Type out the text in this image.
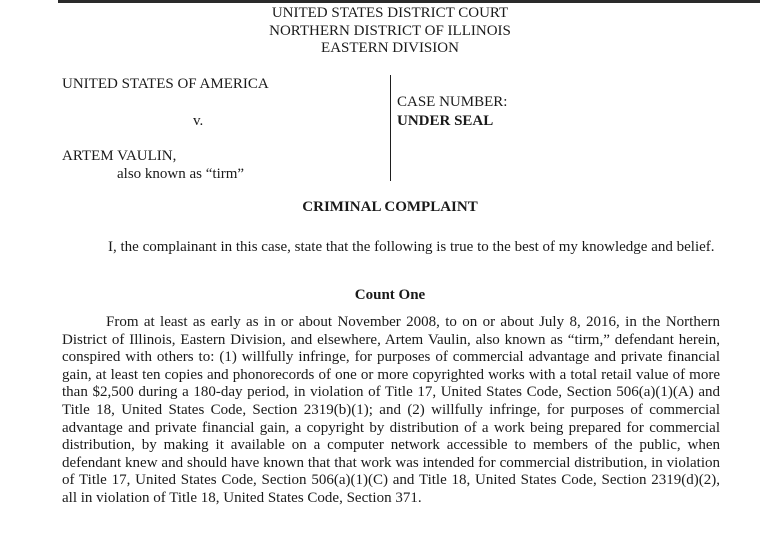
UNITED STATES DISTRICT COURT
NORTHERN DISTRICT OF ILLINOIS
EASTERN DIVISION
UNITED STATES OF AMERICA
v.
ARTEM VAULIN,
also known as “tirm”
CASE NUMBER:
UNDER SEAL
CRIMINAL COMPLAINT
I, the complainant in this case, state that the following is true to the best of my knowledge and belief.
Count One
From at least as early as in or about November 2008, to on or about July 8, 2016, in the Northern District of Illinois, Eastern Division, and elsewhere, Artem Vaulin, also known as “tirm,” defendant herein, conspired with others to: (1) willfully infringe, for purposes of commercial advantage and private financial gain, at least ten copies and phonorecords of one or more copyrighted works with a total retail value of more than $2,500 during a 180-day period, in violation of Title 17, United States Code, Section 506(a)(1)(A) and Title 18, United States Code, Section 2319(b)(1); and (2) willfully infringe, for purposes of commercial advantage and private financial gain, a copyright by distribution of a work being prepared for commercial distribution, by making it available on a computer network accessible to members of the public, when defendant knew and should have known that that work was intended for commercial distribution, in violation of Title 17, United States Code, Section 506(a)(1)(C) and Title 18, United States Code, Section 2319(d)(2), all in violation of Title 18, United States Code, Section 371.
